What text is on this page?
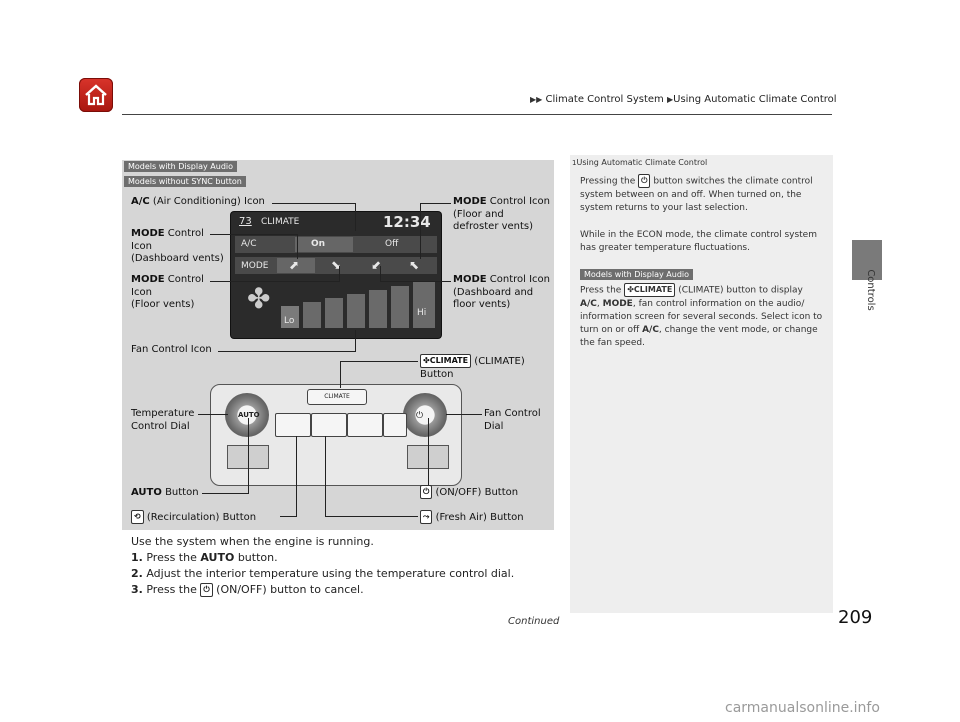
▶▶ Climate Control System ▶Using Automatic Climate Control
Controls
Models with Display Audio
Models without SYNC button
73 CLIMATE	12:34
A/C	On	Off
MODE ⬈	⬊ ⬋ ⬉
✤
Lo
Hi
AUTO	⏻
CLIMATE
A/C (Air Conditioning) Icon
MODE Control
Icon
(Dashboard vents)
MODE Control
Icon
(Floor vents)
MODE Control Icon
(Floor and
defroster vents)
MODE Control Icon
(Dashboard and
floor vents)
Fan Control Icon
✤CLIMATE (CLIMATE)
Button
Temperature
Control Dial
Fan Control
Dial
AUTO Button	⏻ (ON/OFF) Button
⟲ (Recirculation) Button	⤳ (Fresh Air) Button
Use the system when the engine is running.
1. Press the AUTO button.
2. Adjust the interior temperature using the temperature control dial.
3. Press the ⏻ (ON/OFF) button to cancel.
1Using Automatic Climate Control
Pressing the ⏻ button switches the climate control
system between on and off. When turned on, the
system returns to your last selection.
While in the ECON mode, the climate control system
has greater temperature fluctuations.
Models with Display Audio
Press the ✤CLIMATE (CLIMATE) button to display
A/C, MODE, fan control information on the audio/
information screen for several seconds. Select icon to
turn on or off A/C, change the vent mode, or change
the fan speed.
Continued	209
carmanualsonline.info
